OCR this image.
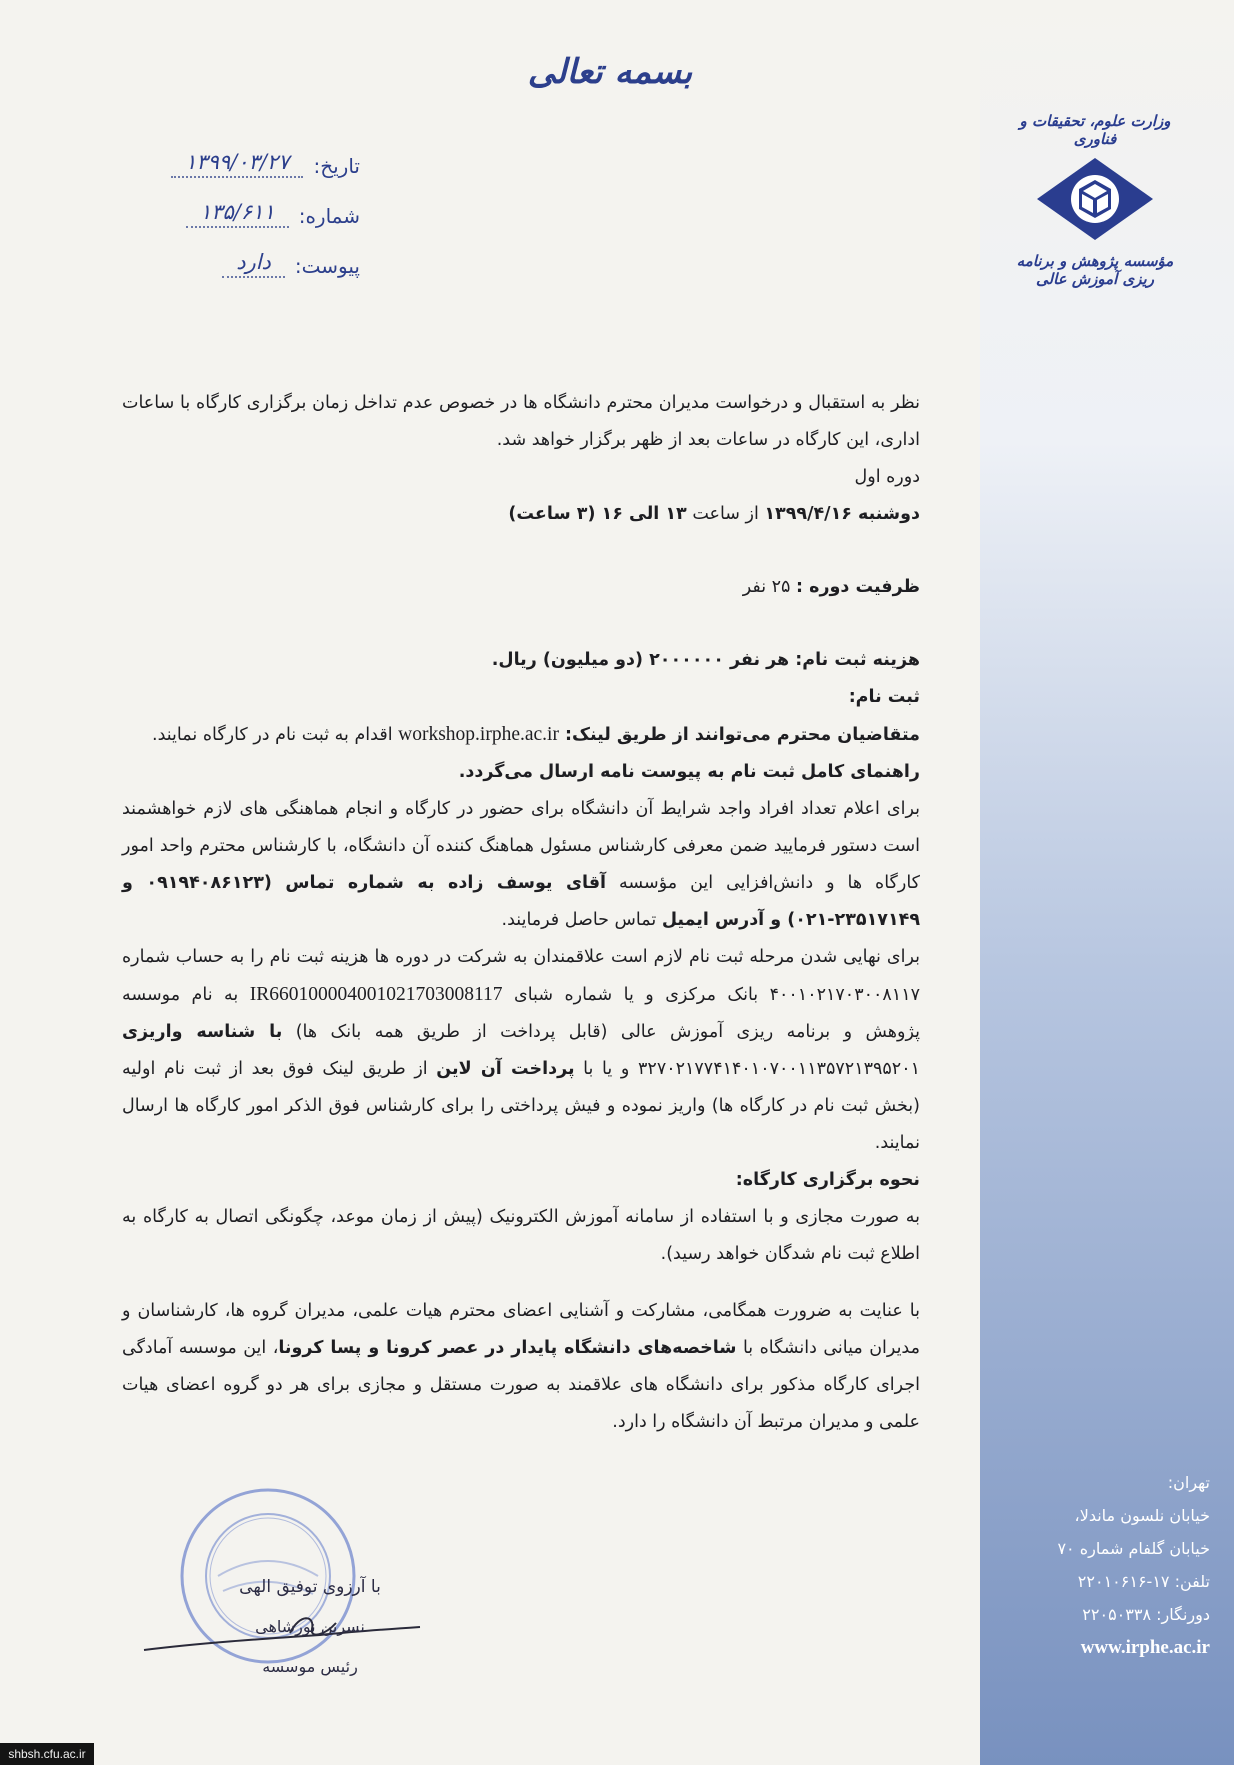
بسمه تعالی
وزارت علوم، تحقیقات و فناوری
مؤسسه پژوهش و برنامه ریزی آموزش عالی
تاریخ:
۱۳۹۹/۰۳/۲۷
شماره:
۱۳۵/۶۱۱
پیوست:
دارد

نظر به استقبال و درخواست مدیران محترم دانشگاه ها در خصوص عدم تداخل زمان برگزاری کارگاه با ساعات اداری، این کارگاه در ساعات بعد از ظهر برگزار خواهد شد.

دوره اول

دوشنبه ۱۳۹۹/۴/۱۶ از ساعت ۱۳ الی ۱۶ (۳ ساعت)

ظرفیت دوره : ۲۵ نفر

هزینه ثبت نام: هر نفر ۲۰۰۰۰۰۰ (دو میلیون) ریال.

ثبت نام:

متقاضیان محترم می‌توانند از طریق لینک: workshop.irphe.ac.ir اقدام به ثبت نام در کارگاه نمایند.

راهنمای کامل ثبت نام به پیوست نامه ارسال می‌گردد.

برای اعلام تعداد افراد واجد شرایط آن دانشگاه برای حضور در کارگاه و انجام هماهنگی های لازم خواهشمند است دستور فرمایید ضمن معرفی کارشناس مسئول هماهنگ کننده آن دانشگاه، با کارشناس محترم واحد امور کارگاه ها و دانش‌افزایی این مؤسسه آقای یوسف زاده به شماره تماس (۰۹۱۹۴۰۸۶۱۲۳ و ۲۳۵۱۷۱۴۹-۰۲۱) و آدرس ایمیل تماس حاصل فرمایند.

برای نهایی شدن مرحله ثبت نام لازم است علاقمندان به شرکت در دوره ها هزینه ثبت نام را به حساب شماره ۴۰۰۱۰۲۱۷۰۳۰۰۸۱۱۷ بانک مرکزی و یا شماره شبای IR660100004001021703008117 به نام موسسه پژوهش و برنامه ریزی آموزش عالی (قابل پرداخت از طریق همه بانک ها) با شناسه واریزی ۳۲۷۰۲۱۷۷۴۱۴۰۱۰۷۰۰۱۱۳۵۷۲۱۳۹۵۲۰۱ و یا با پرداخت آن لاین از طریق لینک فوق بعد از ثبت نام اولیه (بخش ثبت نام در کارگاه ها) واریز نموده و فیش پرداختی را برای کارشناس فوق الذکر امور کارگاه ها ارسال نمایند.

نحوه برگزاری کارگاه:

به صورت مجازی و با استفاده از سامانه آموزش الکترونیک (پیش از زمان موعد، چگونگی اتصال به کارگاه به اطلاع ثبت نام شدگان خواهد رسید).

با عنایت به ضرورت همگامی، مشارکت و آشنایی اعضای محترم هیات علمی، مدیران گروه ها، کارشناسان و مدیران میانی دانشگاه با شاخصه‌های دانشگاه پایدار در عصر کرونا و پسا کرونا، این موسسه آمادگی اجرای کارگاه مذکور برای دانشگاه های علاقمند به صورت مستقل و مجازی برای هر دو گروه اعضای هیات علمی و مدیران مرتبط آن دانشگاه را دارد.

با آرزوی توفیق الهی
نسرین نورشاهی
رئیس موسسه
تهران:
خیابان نلسون ماندلا،
خیابان گلفام شماره ۷۰
تلفن: ۱۷-۲۲۰۱۰۶۱۶
دورنگار: ۲۲۰۵۰۳۳۸
www.irphe.ac.ir
shbsh.cfu.ac.ir
